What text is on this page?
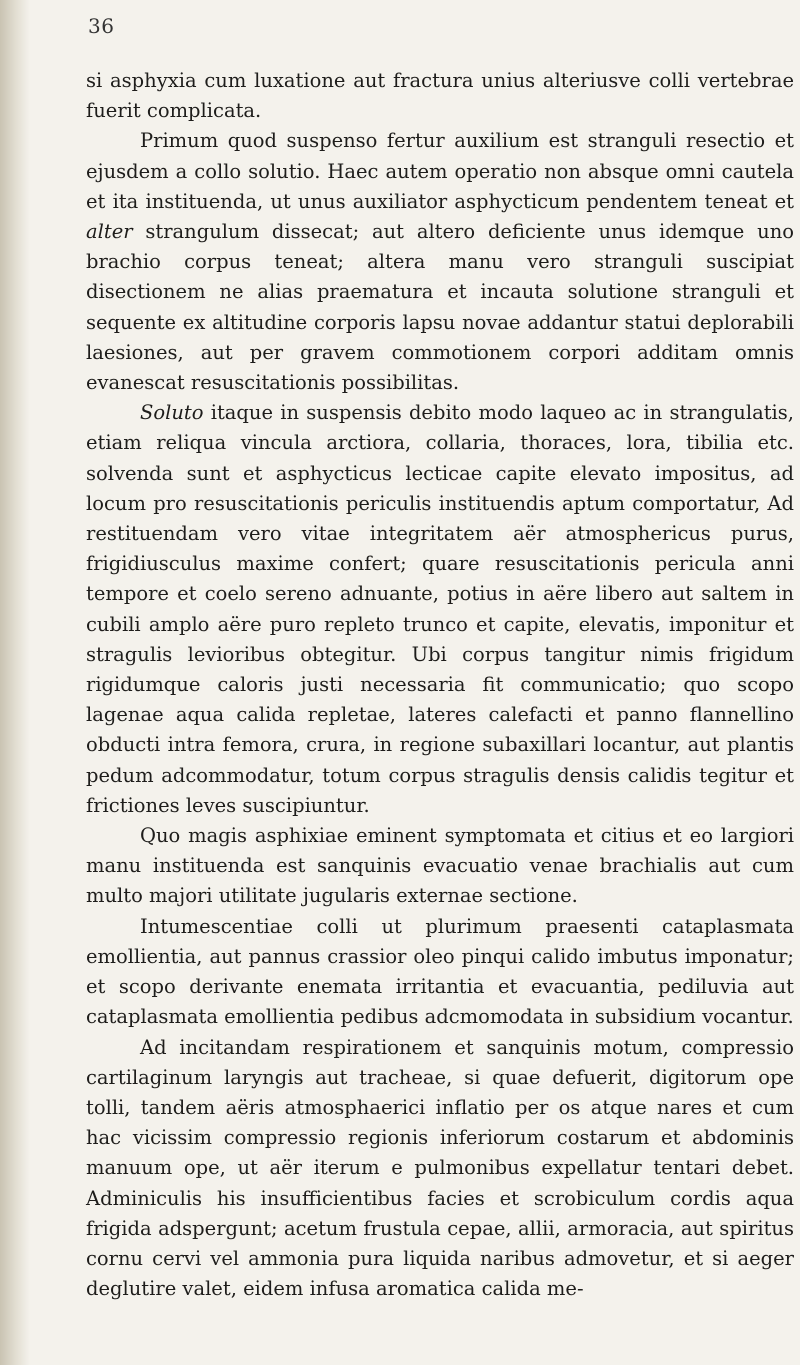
36

si asphyxia cum luxatione aut fractura unius alteriusve colli vertebrae fuerit complicata.

Primum quod suspenso fertur auxilium est stranguli resectio et ejusdem a collo solutio. Haec autem operatio non absque omni cautela et ita instituenda, ut unus auxiliator asphycticum pendentem teneat et alter strangulum dissecat; aut altero deficiente unus idemque uno brachio corpus teneat; altera manu vero stranguli suscipiat disectionem ne alias praematura et incauta solutione stranguli et sequente ex altitudine corporis lapsu novae addantur statui deplorabili laesiones, aut per gravem commotionem corpori additam omnis evanescat resuscitationis possibilitas.

Soluto itaque in suspensis debito modo laqueo ac in strangulatis, etiam reliqua vincula arctiora, collaria, thoraces, lora, tibilia etc. solvenda sunt et asphycticus lecticae capite elevato impositus, ad locum pro resuscitationis periculis instituendis aptum comportatur, Ad restituendam vero vitae integritatem aër atmosphericus purus, frigidiusculus maxime confert; quare resuscitationis pericula anni tempore et coelo sereno adnuante, potius in aëre libero aut saltem in cubili amplo aëre puro repleto trunco et capite, elevatis, imponitur et stragulis levioribus obtegitur. Ubi corpus tangitur nimis frigidum rigidumque caloris justi necessaria fit communicatio; quo scopo lagenae aqua calida repletae, lateres calefacti et panno flannellino obducti intra femora, crura, in regione subaxillari locantur, aut plantis pedum adcommodatur, totum corpus stragulis densis calidis tegitur et frictiones leves suscipiuntur.

Quo magis asphixiae eminent symptomata et citius et eo largiori manu instituenda est sanquinis evacuatio venae brachialis aut cum multo majori utilitate jugularis externae sectione.

Intumescentiae colli ut plurimum praesenti cataplasmata emollientia, aut pannus crassior oleo pinqui calido imbutus imponatur; et scopo derivante enemata irritantia et evacuantia, pediluvia aut cataplasmata emollientia pedibus adcmomodata in subsidium vocantur.

Ad incitandam respirationem et sanquinis motum, compressio cartilaginum laryngis aut tracheae, si quae defuerit, digitorum ope tolli, tandem aëris atmosphaerici inflatio per os atque nares et cum hac vicissim compressio regionis inferiorum costarum et abdominis manuum ope, ut aër iterum e pulmonibus expellatur tentari debet. Adminiculis his insufficientibus facies et scrobiculum cordis aqua frigida adspergunt; acetum frustula cepae, allii, armoracia, aut spiritus cornu cervi vel ammonia pura liquida naribus admovetur, et si aeger deglutire valet, eidem infusa aromatica calida me-
